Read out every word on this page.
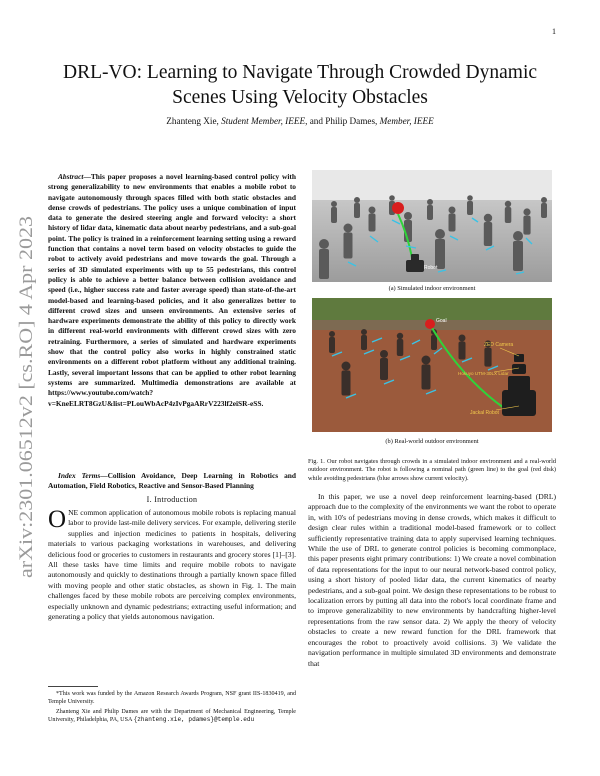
1
arXiv:2301.06512v2 [cs.RO] 4 Apr 2023
DRL-VO: Learning to Navigate Through Crowded Dynamic Scenes Using Velocity Obstacles
Zhanteng Xie, Student Member, IEEE, and Philip Dames, Member, IEEE
Abstract—This paper proposes a novel learning-based control policy with strong generalizability to new environments that enables a mobile robot to navigate autonomously through spaces filled with both static obstacles and dense crowds of pedestrians. The policy uses a unique combination of input data to generate the desired steering angle and forward velocity: a short history of lidar data, kinematic data about nearby pedestrians, and a sub-goal point. The policy is trained in a reinforcement learning setting using a reward function that contains a novel term based on velocity obstacles to guide the robot to actively avoid pedestrians and move towards the goal. Through a series of 3D simulated experiments with up to 55 pedestrians, this control policy is able to achieve a better balance between collision avoidance and speed (i.e., higher success rate and faster average speed) than state-of-the-art model-based and learning-based policies, and it also generalizes better to different crowd sizes and unseen environments. An extensive series of hardware experiments demonstrate the ability of this policy to directly work in different real-world environments with different crowd sizes with zero retraining. Furthermore, a series of simulated and hardware experiments show that the control policy also works in highly constrained static environments on a different robot platform without any additional training. Lastly, several important lessons that can be applied to other robot learning systems are summarized. Multimedia demonstrations are available at https://www.youtube.com/watch?v=KneELRT8GzU&list=PLouWbAcP4zIvPgaARrV223lf2eiSR-eSS.
Index Terms—Collision Avoidance, Deep Learning in Robotics and Automation, Field Robotics, Reactive and Sensor-Based Planning
I. Introduction
ONE common application of autonomous mobile robots is replacing manual labor to provide last-mile delivery services. For example, delivering sterile supplies and injection medicines to patients in hospitals, delivering materials to various packaging workstations in warehouses, and delivering delicious food or groceries to customers in restaurants and grocery stores [1]–[3]. All these tasks have time limits and require mobile robots to navigate autonomously and quickly to destinations through a partially known space filled with moving people and other static obstacles, as shown in Fig. 1. The main challenges faced by these mobile robots are perceiving complex environments, especially unknown and dynamic pedestrians; extracting useful information; and generating a policy that yields autonomous navigation.
*This work was funded by the Amazon Research Awards Program, NSF grant IIS-1830419, and Temple University.
Zhanteng Xie and Philip Dames are with the Department of Mechanical Engineering, Temple University, Philadelphia, PA, USA {zhanteng.xie, pdames}@temple.edu
Robot
(a) Simulated indoor environment
Goal
ZED Camera
Hokuyo UTM-30LX Lidar
Jackal Robot
(b) Real-world outdoor environment
Fig. 1. Our robot navigates through crowds in a simulated indoor environment and a real-world outdoor environment. The robot is following a nominal path (green line) to the goal (red disk) while avoiding pedestrians (blue arrows show current velocity).
In this paper, we use a novel deep reinforcement learning-based (DRL) approach due to the complexity of the environments we want the robot to operate in, with 10's of pedestrians moving in dense crowds, which makes it difficult to design clear rules within a traditional model-based framework or to collect sufficiently representative training data to apply supervised learning techniques. While the use of DRL to generate control policies is becoming commonplace, this paper presents eight primary contributions: 1) We create a novel combination of data representations for the input to our neural network-based control policy, using a short history of pooled lidar data, the current kinematics of nearby pedestrians, and a sub-goal point. We design these representations to be robust to localization errors by putting all data into the robot's local coordinate frame and to improve generalizability to new environments by handcrafting higher-level representations from the raw sensor data. 2) We apply the theory of velocity obstacles to create a new reward function for the DRL framework that encourages the robot to proactively avoid collisions. 3) We validate the navigation performance in multiple simulated 3D environments and demonstrate that
